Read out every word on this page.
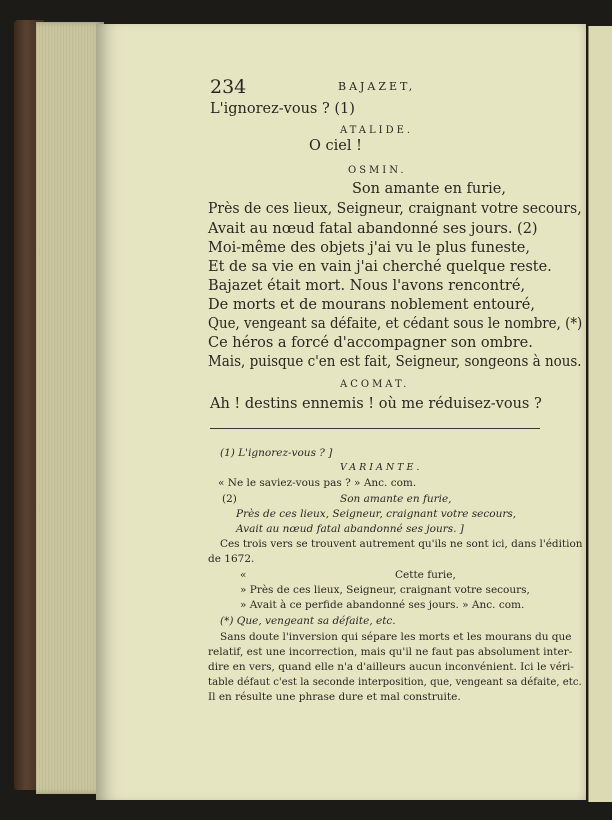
234	BAJAZET,
L'ignorez-vous ? (1)
ATALIDE.
O ciel !
OSMIN.
Son amante en furie,
Près de ces lieux, Seigneur, craignant votre secours,
Avait au nœud fatal abandonné ses jours. (2)
Moi-même des objets j'ai vu le plus funeste,
Et de sa vie en vain j'ai cherché quelque reste.
Bajazet était mort. Nous l'avons rencontré,
De morts et de mourans noblement entouré,
Que, vengeant sa défaite, et cédant sous le nombre, (*)
Ce héros a forcé d'accompagner son ombre.
Mais, puisque c'en est fait, Seigneur, songeons à nous.
ACOMAT.
Ah ! destins ennemis ! où me réduisez-vous ?
(1) L'ignorez-vous ? ]
VARIANTE.
« Ne le saviez-vous pas ? » Anc. com.
(2)	Son amante en furie,
Près de ces lieux, Seigneur, craignant votre secours,
Avait au nœud fatal abandonné ses jours. ]
Ces trois vers se trouvent autrement qu'ils ne sont ici, dans l'édition
de 1672.
«	Cette furie,
» Près de ces lieux, Seigneur, craignant votre secours,
» Avait à ce perfide abandonné ses jours. » Anc. com.
(*) Que, vengeant sa défaite, etc.
Sans doute l'inversion qui sépare les morts et les mourans du que
relatif, est une incorrection, mais qu'il ne faut pas absolument inter-
dire en vers, quand elle n'a d'ailleurs aucun inconvénient. Ici le véri-
table défaut c'est la seconde interposition, que, vengeant sa défaite, etc.
Il en résulte une phrase dure et mal construite.
